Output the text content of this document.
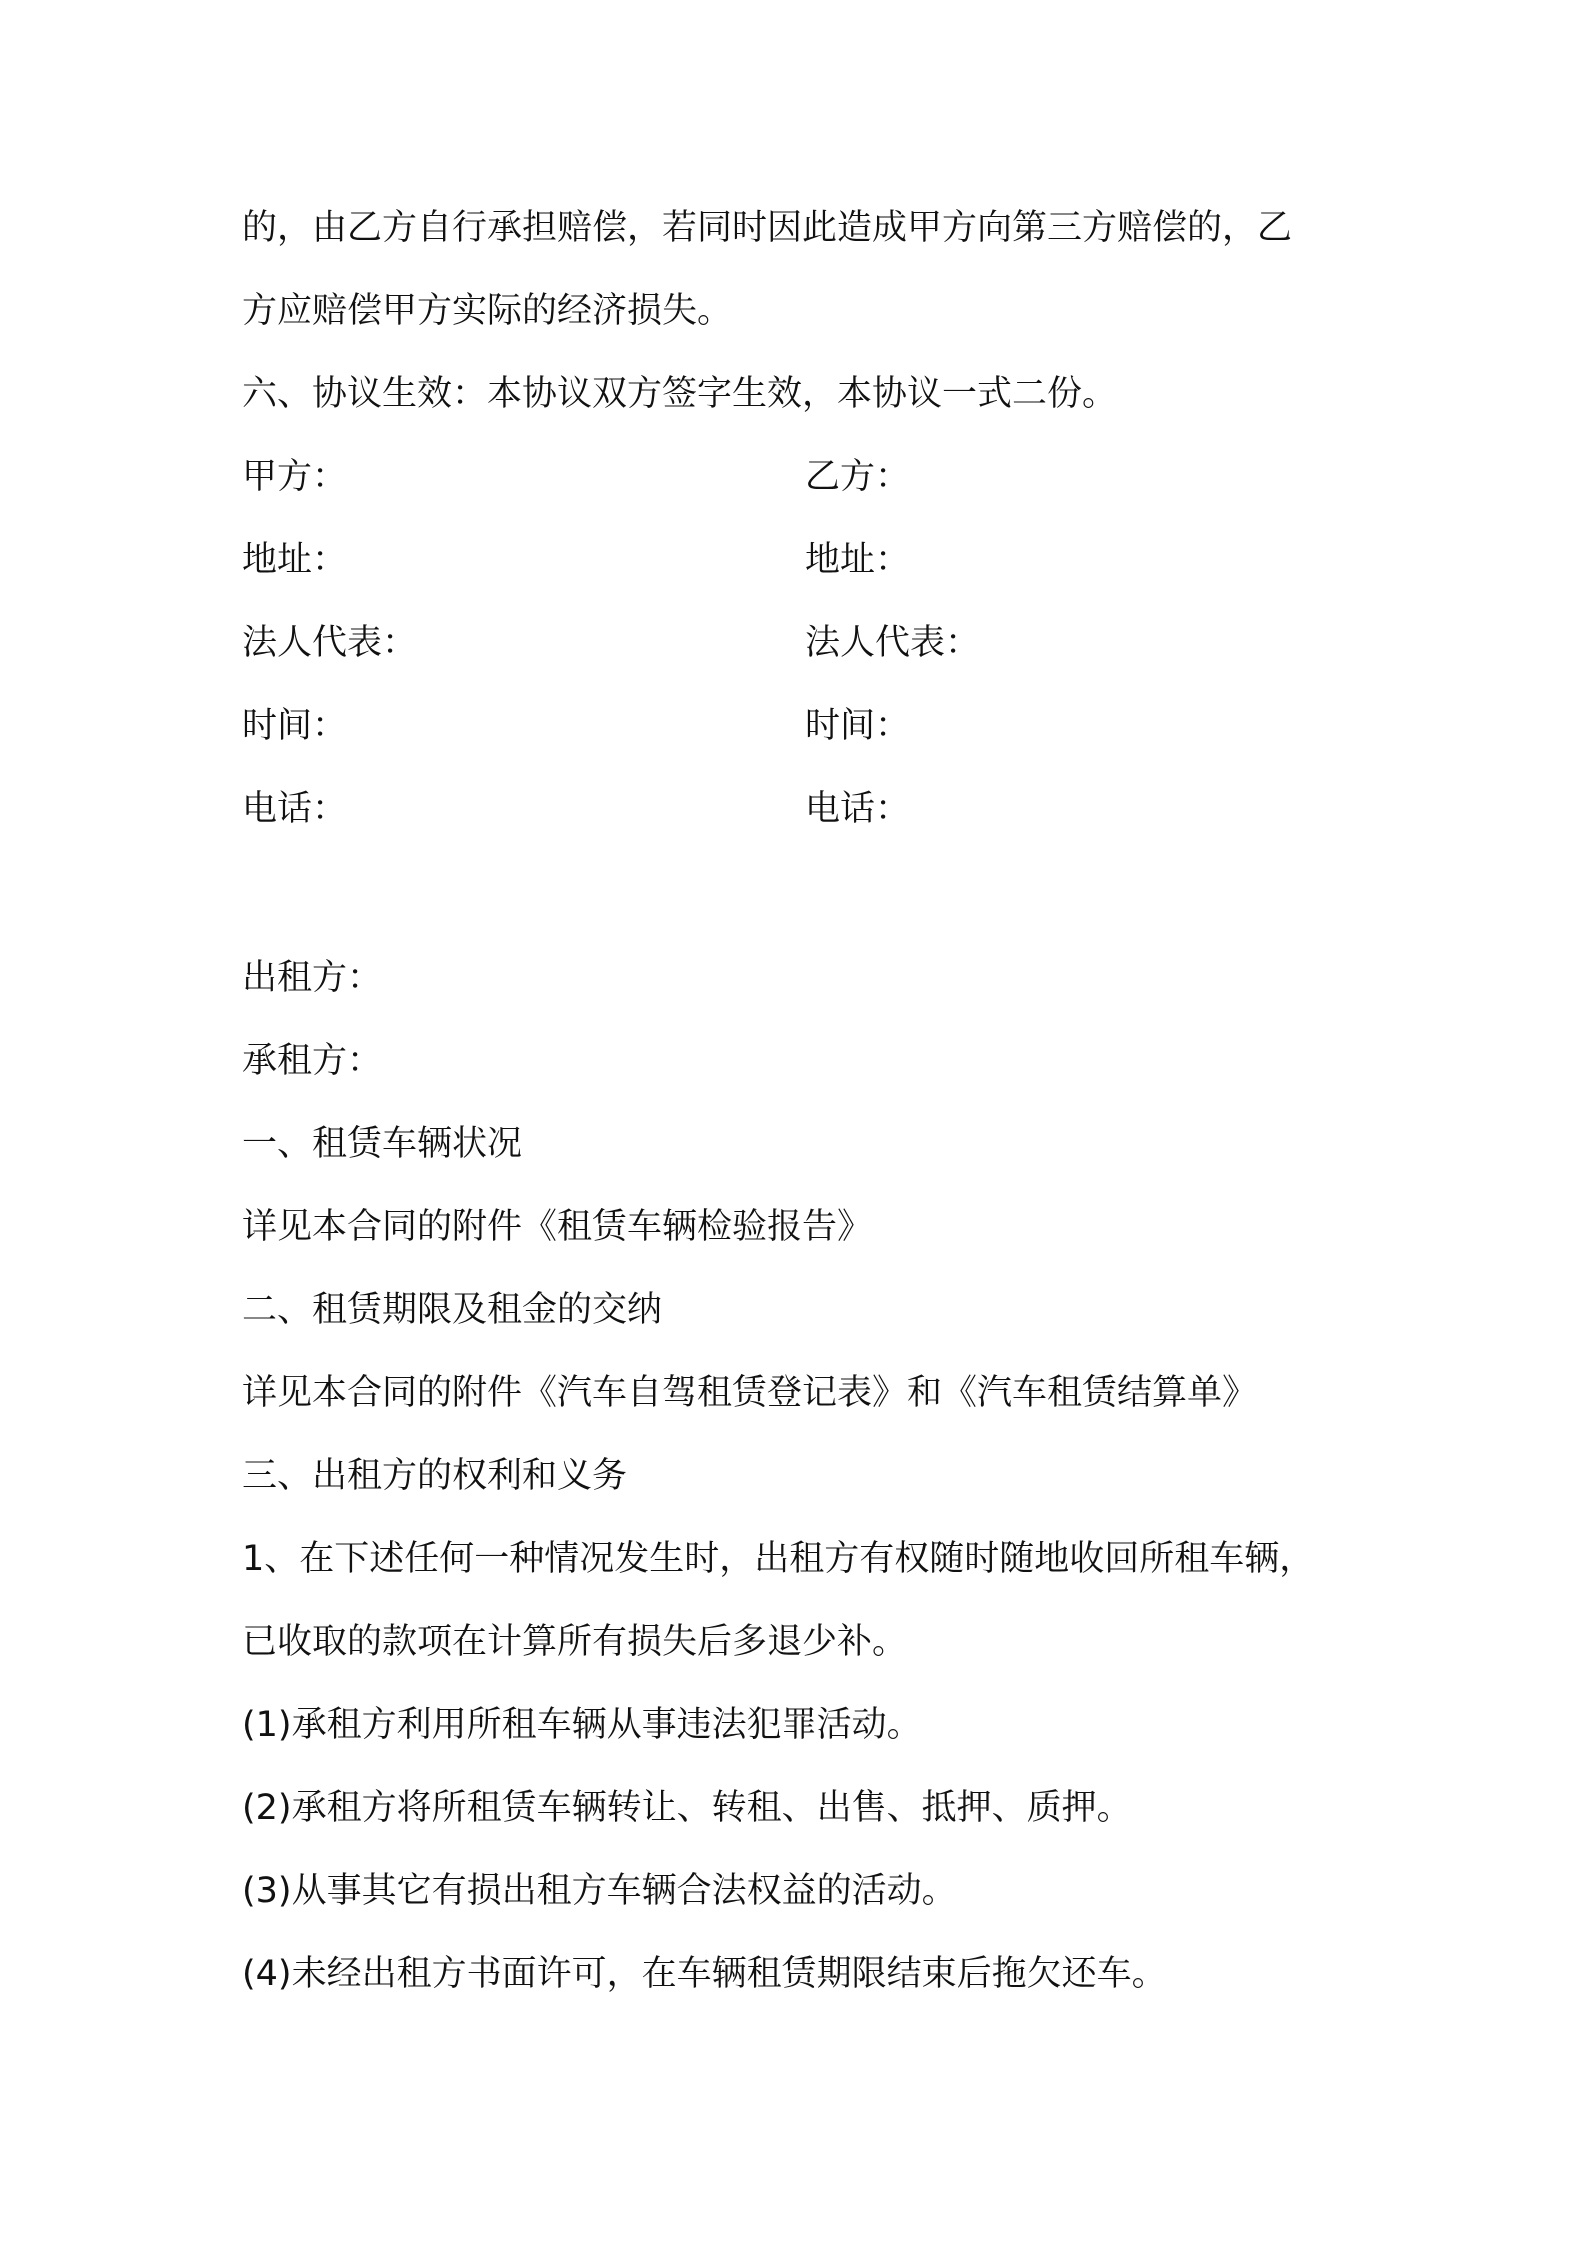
的，由乙方自行承担赔偿，若同时因此造成甲方向第三方赔偿的，乙
方应赔偿甲方实际的经济损失。
六、协议生效：本协议双方签字生效，本协议一式二份。
甲方：
地址：
法人代表：
时间：
电话：
乙方：
地址：
法人代表：
时间：
电话：
出租方：
承租方：
一、租赁车辆状况
详见本合同的附件《租赁车辆检验报告》
二、租赁期限及租金的交纳
详见本合同的附件《汽车自驾租赁登记表》和《汽车租赁结算单》
三、出租方的权利和义务
1、在下述任何一种情况发生时，出租方有权随时随地收回所租车辆，
已收取的款项在计算所有损失后多退少补。
(1)承租方利用所租车辆从事违法犯罪活动。
(2)承租方将所租赁车辆转让、转租、出售、抵押、质押。
(3)从事其它有损出租方车辆合法权益的活动。
(4)未经出租方书面许可，在车辆租赁期限结束后拖欠还车。
